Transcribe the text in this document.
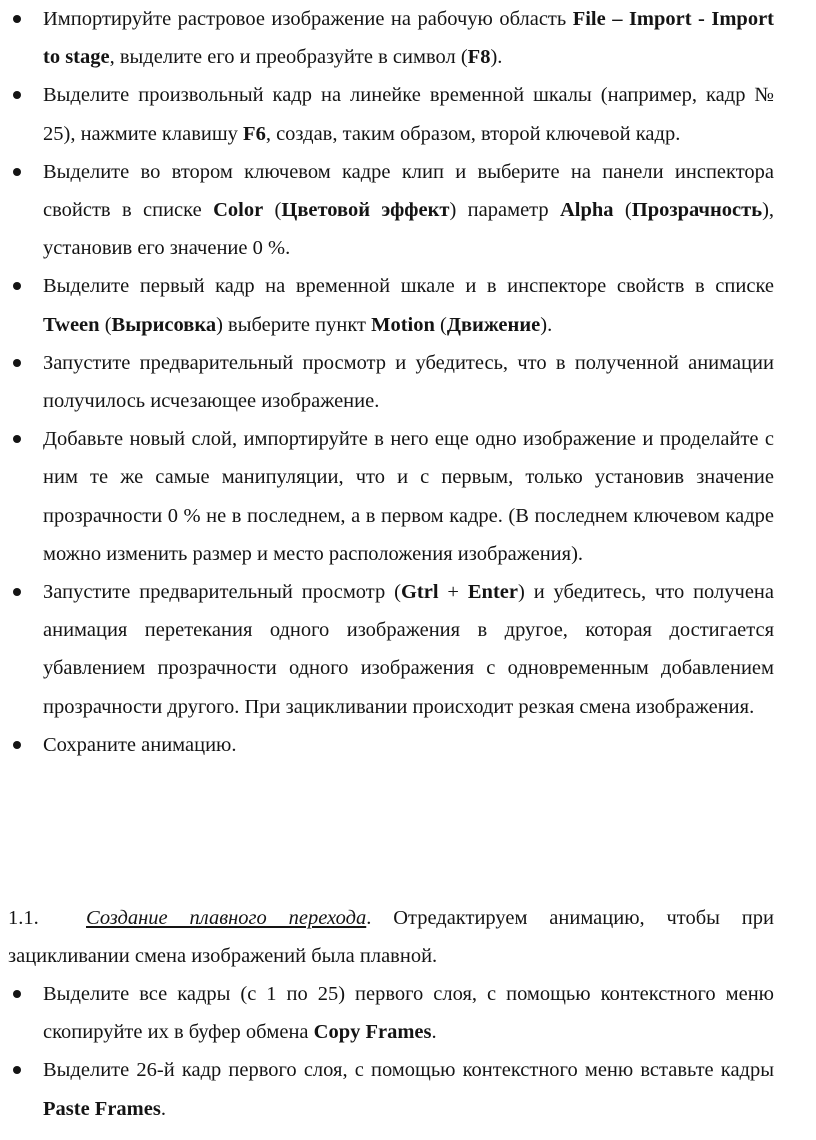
Импортируйте растровое изображение на рабочую область File – Import - Import to stage, выделите его и преобразуйте в символ (F8).
Выделите произвольный кадр на линейке временной шкалы (например, кадр № 25), нажмите клавишу F6, создав, таким образом, второй ключевой кадр.
Выделите во втором ключевом кадре клип и выберите на панели инспектора свойств в списке Color (Цветовой эффект) параметр Alpha (Прозрачность), установив его значение 0 %.
Выделите первый кадр на временной шкале и в инспекторе свойств в списке Tween (Вырисовка) выберите пункт Motion (Движение).
Запустите предварительный просмотр и убедитесь, что в полученной анимации получилось исчезающее изображение.
Добавьте новый слой, импортируйте в него еще одно изображение и проделайте с ним те же самые манипуляции, что и с первым, только установив значение прозрачности 0 % не в последнем, а в первом кадре. (В последнем ключевом кадре можно изменить размер и место расположения изображения).
Запустите предварительный просмотр (Gtrl + Enter) и убедитесь, что получена анимация перетекания одного изображения в другое, которая достигается убавлением прозрачности одного изображения с одновременным добавлением прозрачности другого. При зацикливании происходит резкая смена изображения.
Сохраните анимацию.
1.1. Создание плавного перехода. Отредактируем анимацию, чтобы при зацикливании смена изображений была плавной.
Выделите все кадры (с 1 по 25) первого слоя, с помощью контекстного меню скопируйте их в буфер обмена Copy Frames.
Выделите 26-й кадр первого слоя, с помощью контекстного меню вставьте кадры Paste Frames.
